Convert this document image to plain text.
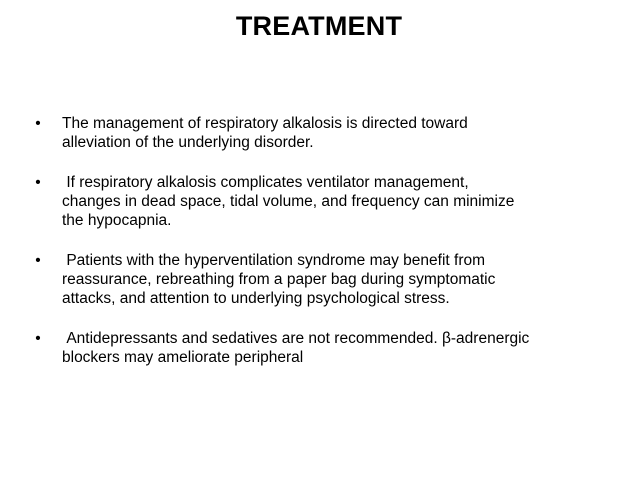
TREATMENT
• The management of respiratory alkalosis is directed toward
alleviation of the underlying disorder.
• If respiratory alkalosis complicates ventilator management,
changes in dead space, tidal volume, and frequency can minimize
the hypocapnia.
• Patients with the hyperventilation syndrome may benefit from
reassurance, rebreathing from a paper bag during symptomatic
attacks, and attention to underlying psychological stress.
• Antidepressants and sedatives are not recommended. β-adrenergic
blockers may ameliorate peripheral
